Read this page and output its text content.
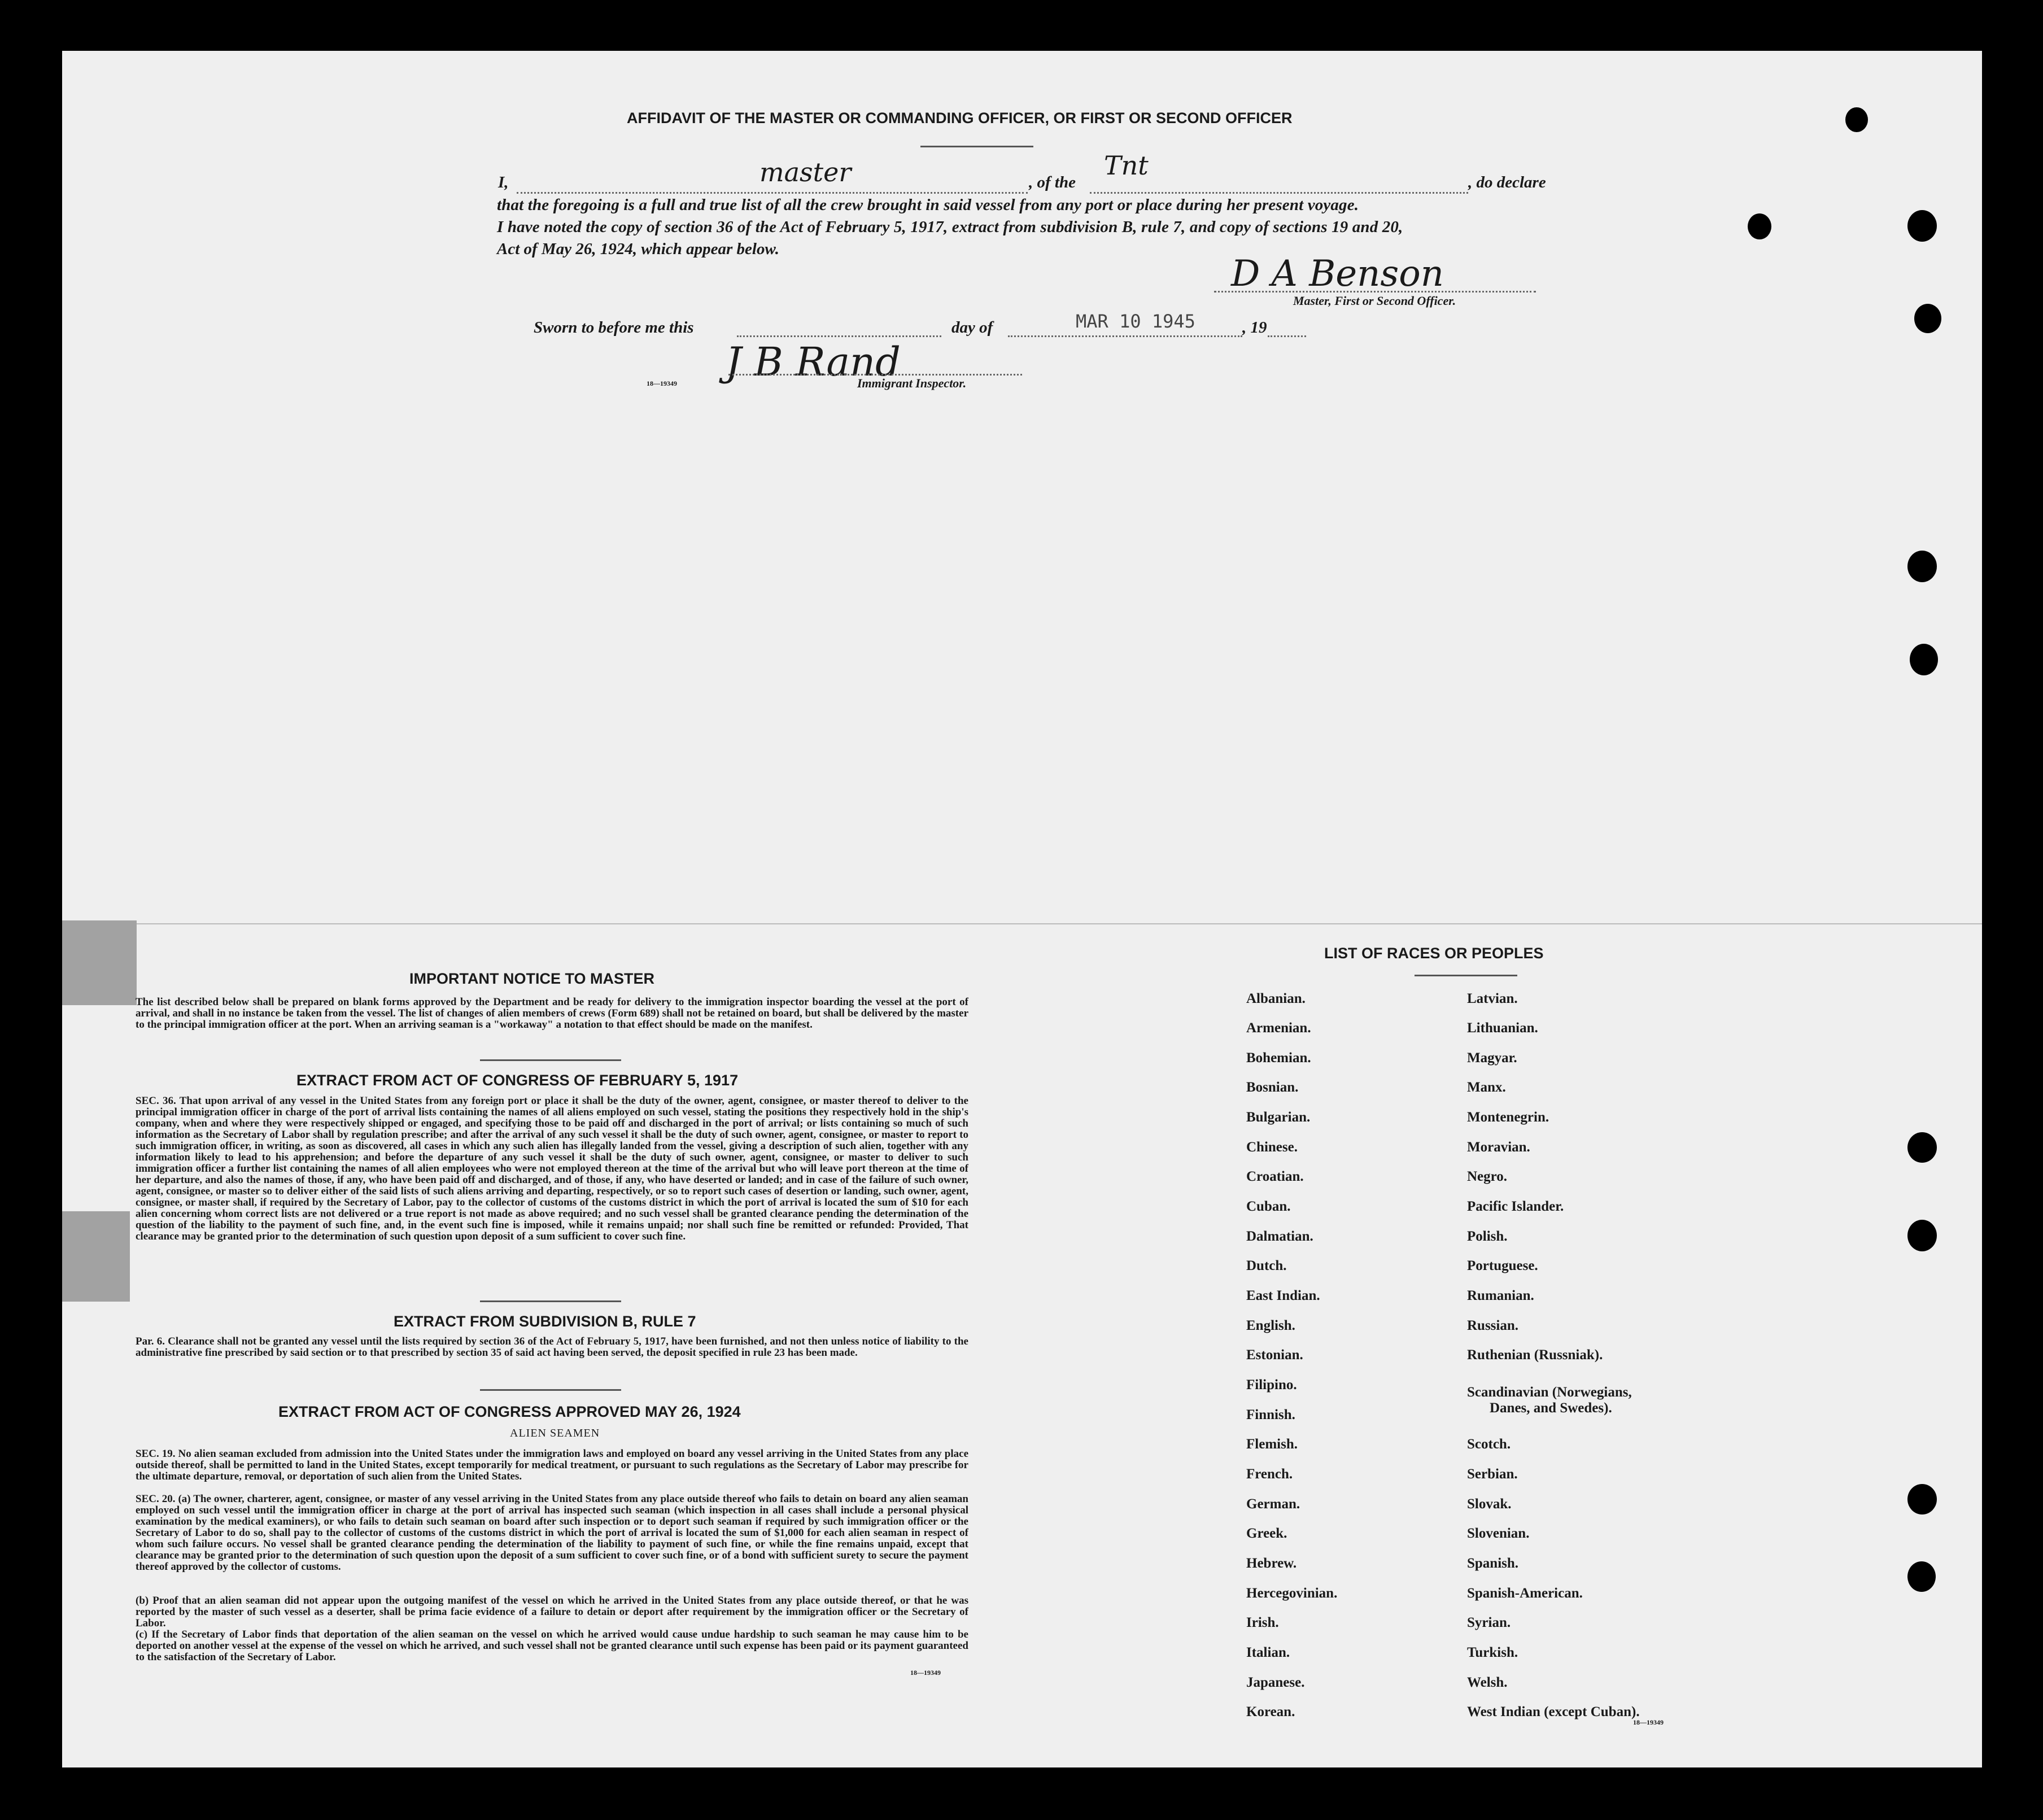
AFFIDAVIT OF THE MASTER OR COMMANDING OFFICER, OR FIRST OR SECOND OFFICER
I,	master	, of the
Tnt
, do declare
that the foregoing is a full and true list of all the crew brought in said vessel from any port or place during her present voyage.
I have noted the copy of section 36 of the Act of February 5, 1917, extract from subdivision B, rule 7, and copy of sections 19 and 20,
Act of May 26, 1924, which appear below.
D A Benson
Master, First or Second Officer.
Sworn to before me this	day of	MAR 10 1945	, 19
18—19349 J B Rand
Immigrant Inspector.
IMPORTANT NOTICE TO MASTER
The list described below shall be prepared on blank forms approved by the Department and be ready for delivery to the immigration inspector boarding the vessel at the port of arrival, and shall in no instance be taken from the vessel. The list of changes of alien members of crews (Form 689) shall not be retained on board, but shall be delivered by the master to the principal immigration officer at the port. When an arriving seaman is a "workaway" a notation to that effect should be made on the manifest.
EXTRACT FROM ACT OF CONGRESS OF FEBRUARY 5, 1917
SEC. 36. That upon arrival of any vessel in the United States from any foreign port or place it shall be the duty of the owner, agent, consignee, or master thereof to deliver to the principal immigration officer in charge of the port of arrival lists containing the names of all aliens employed on such vessel, stating the positions they respectively hold in the ship's company, when and where they were respectively shipped or engaged, and specifying those to be paid off and discharged in the port of arrival; or lists containing so much of such information as the Secretary of Labor shall by regulation prescribe; and after the arrival of any such vessel it shall be the duty of such owner, agent, consignee, or master to report to such immigration officer, in writing, as soon as discovered, all cases in which any such alien has illegally landed from the vessel, giving a description of such alien, together with any information likely to lead to his apprehension; and before the departure of any such vessel it shall be the duty of such owner, agent, consignee, or master to deliver to such immigration officer a further list containing the names of all alien employees who were not employed thereon at the time of the arrival but who will leave port thereon at the time of her departure, and also the names of those, if any, who have been paid off and discharged, and of those, if any, who have deserted or landed; and in case of the failure of such owner, agent, consignee, or master so to deliver either of the said lists of such aliens arriving and departing, respectively, or so to report such cases of desertion or landing, such owner, agent, consignee, or master shall, if required by the Secretary of Labor, pay to the collector of customs of the customs district in which the port of arrival is located the sum of $10 for each alien concerning whom correct lists are not delivered or a true report is not made as above required; and no such vessel shall be granted clearance pending the determination of the question of the liability to the payment of such fine, and, in the event such fine is imposed, while it remains unpaid; nor shall such fine be remitted or refunded: Provided, That clearance may be granted prior to the determination of such question upon deposit of a sum sufficient to cover such fine.
EXTRACT FROM SUBDIVISION B, RULE 7
Par. 6. Clearance shall not be granted any vessel until the lists required by section 36 of the Act of February 5, 1917, have been furnished, and not then unless notice of liability to the administrative fine prescribed by said section or to that prescribed by section 35 of said act having been served, the deposit specified in rule 23 has been made.
EXTRACT FROM ACT OF CONGRESS APPROVED MAY 26, 1924
ALIEN SEAMEN
SEC. 19. No alien seaman excluded from admission into the United States under the immigration laws and employed on board any vessel arriving in the United States from any place outside thereof, shall be permitted to land in the United States, except temporarily for medical treatment, or pursuant to such regulations as the Secretary of Labor may prescribe for the ultimate departure, removal, or deportation of such alien from the United States.
SEC. 20. (a) The owner, charterer, agent, consignee, or master of any vessel arriving in the United States from any place outside thereof who fails to detain on board any alien seaman employed on such vessel until the immigration officer in charge at the port of arrival has inspected such seaman (which inspection in all cases shall include a personal physical examination by the medical examiners), or who fails to detain such seaman on board after such inspection or to deport such seaman if required by such immigration officer or the Secretary of Labor to do so, shall pay to the collector of customs of the customs district in which the port of arrival is located the sum of $1,000 for each alien seaman in respect of whom such failure occurs. No vessel shall be granted clearance pending the determination of the liability to payment of such fine, or while the fine remains unpaid, except that clearance may be granted prior to the determination of such question upon the deposit of a sum sufficient to cover such fine, or of a bond with sufficient surety to secure the payment thereof approved by the collector of customs.
(b) Proof that an alien seaman did not appear upon the outgoing manifest of the vessel on which he arrived in the United States from any place outside thereof, or that he was reported by the master of such vessel as a deserter, shall be prima facie evidence of a failure to detain or deport after requirement by the immigration officer or the Secretary of Labor.
(c) If the Secretary of Labor finds that deportation of the alien seaman on the vessel on which he arrived would cause undue hardship to such seaman he may cause him to be deported on another vessel at the expense of the vessel on which he arrived, and such vessel shall not be granted clearance until such expense has been paid or its payment guaranteed to the satisfaction of the Secretary of Labor.
18—19349
LIST OF RACES OR PEOPLES
Albanian.
Armenian.
Bohemian.
Bosnian.
Bulgarian.
Chinese.
Croatian.
Cuban.
Dalmatian.
Dutch.
East Indian.
English.
Estonian.
Filipino.
Finnish.
Flemish.
French.
German.
Greek.
Hebrew.
Hercegovinian.
Irish.
Italian.
Japanese.
Korean.
Latvian.
Lithuanian.
Magyar.
Manx.
Montenegrin.
Moravian.
Negro.
Pacific Islander.
Polish.
Portuguese.
Rumanian.
Russian.
Ruthenian (Russniak).
Scandinavian (Norwegians,
Danes, and Swedes).
Scotch.
Serbian.
Slovak.
Slovenian.
Spanish.
Spanish-American.
Syrian.
Turkish.
Welsh.
West Indian (except Cuban).
18—19349
